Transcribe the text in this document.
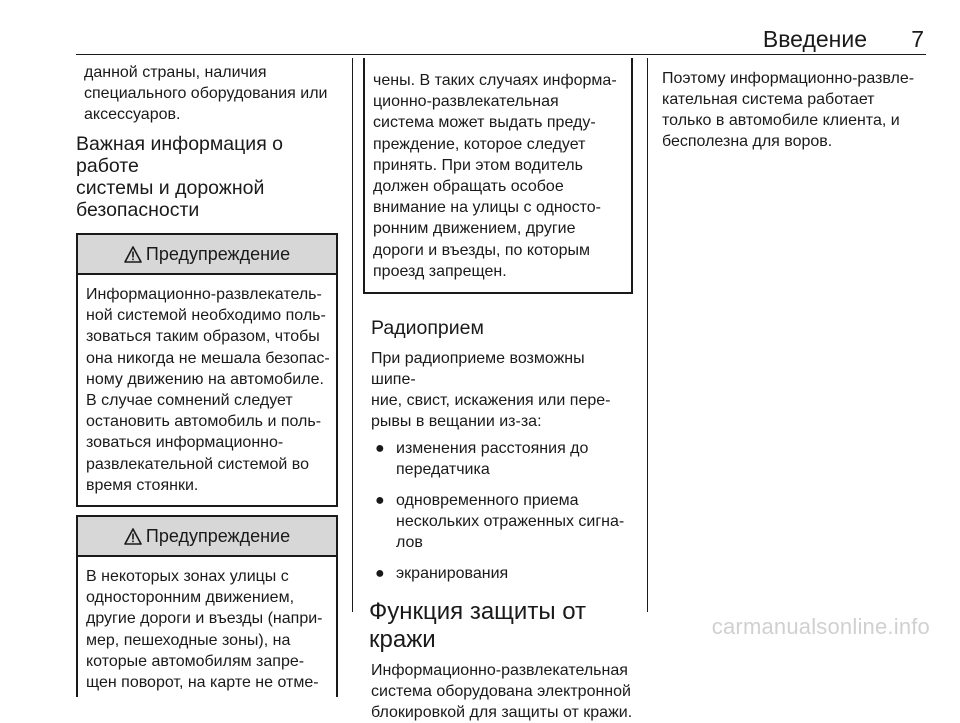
Введение 7
данной страны, наличия
специального оборудования или
аксессуаров.
Важная информация о работе
системы и дорожной
безопасности
Предупреждение
Информационно-развлекатель-
ной системой необходимо поль-
зоваться таким образом, чтобы
она никогда не мешала безопас-
ному движению на автомобиле.
В случае сомнений следует
остановить автомобиль и поль-
зоваться информационно-
развлекательной системой во
время стоянки.
Предупреждение
В некоторых зонах улицы с
односторонним движением,
другие дороги и въезды (напри-
мер, пешеходные зоны), на
которые автомобилям запре-
щен поворот, на карте не отме-
чены. В таких случаях информа-
ционно-развлекательная
система может выдать преду-
преждение, которое следует
принять. При этом водитель
должен обращать особое
внимание на улицы с односто-
ронним движением, другие
дороги и въезды, по которым
проезд запрещен.
Радиоприем
При радиоприеме возможны шипе-
ние, свист, искажения или пере-
рывы в вещании из-за:
● изменения расстояния до
передатчика
● одновременного приема
нескольких отраженных сигна-
лов
● экранирования
Функция защиты от кражи
Информационно-развлекательная
система оборудована электронной
блокировкой для защиты от кражи.
Поэтому информационно-развле-
кательная система работает
только в автомобиле клиента, и
бесполезна для воров.
carmanualsonline.info
